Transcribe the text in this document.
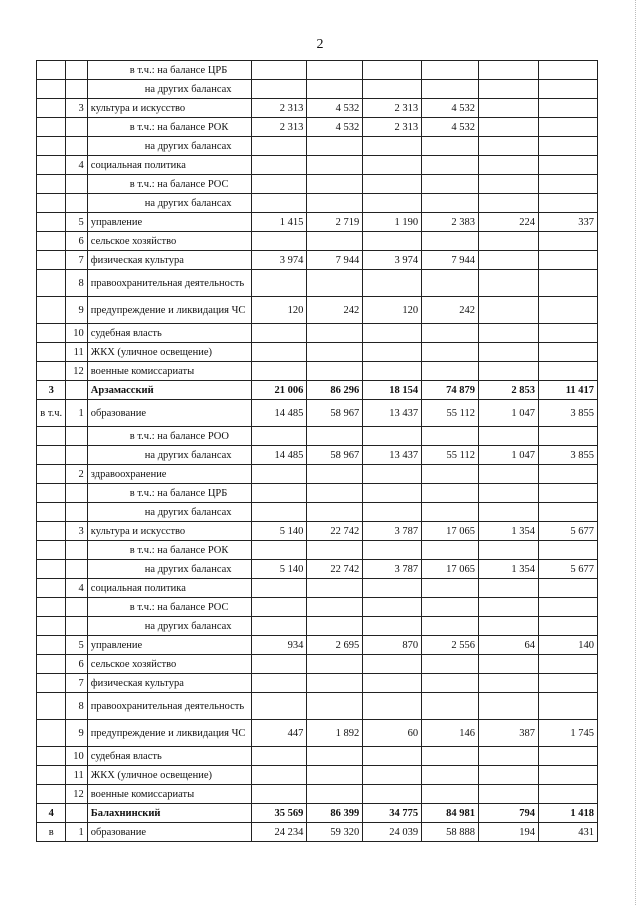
2
		в т.ч.: на балансе ЦРБ						
		на других балансах						
	3	культура и искусство	2 313	4 532	2 313	4 532		
		в т.ч.: на балансе РОК	2 313	4 532	2 313	4 532		
		на других балансах						
	4	социальная политика						
		в т.ч.: на балансе РОС						
		на других балансах						
	5	управление	1 415	2 719	1 190	2 383	224	337
	6	сельское хозяйство						
	7	физическая культура	3 974	7 944	3 974	7 944		
	8	правоохранительная деятельность						
	9	предупреждение и ликвидация ЧС	120	242	120	242		
	10	судебная власть						
	11	ЖКХ (уличное освещение)						
	12	военные комиссариаты						
3		Арзамасский	21 006	86 296	18 154	74 879	2 853	11 417
в т.ч.	1	образование	14 485	58 967	13 437	55 112	1 047	3 855
		в т.ч.: на балансе РОО						
		на других балансах	14 485	58 967	13 437	55 112	1 047	3 855
	2	здравоохранение						
		в т.ч.: на балансе ЦРБ						
		на других балансах						
	3	культура и искусство	5 140	22 742	3 787	17 065	1 354	5 677
		в т.ч.: на балансе РОК						
		на других балансах	5 140	22 742	3 787	17 065	1 354	5 677
	4	социальная политика						
		в т.ч.: на балансе РОС						
		на других балансах						
	5	управление	934	2 695	870	2 556	64	140
	6	сельское хозяйство						
	7	физическая культура						
	8	правоохранительная деятельность						
	9	предупреждение и ликвидация ЧС	447	1 892	60	146	387	1 745
	10	судебная власть						
	11	ЖКХ (уличное освещение)						
	12	военные комиссариаты						
4		Балахнинский	35 569	86 399	34 775	84 981	794	1 418
в	1	образование	24 234	59 320	24 039	58 888	194	431
